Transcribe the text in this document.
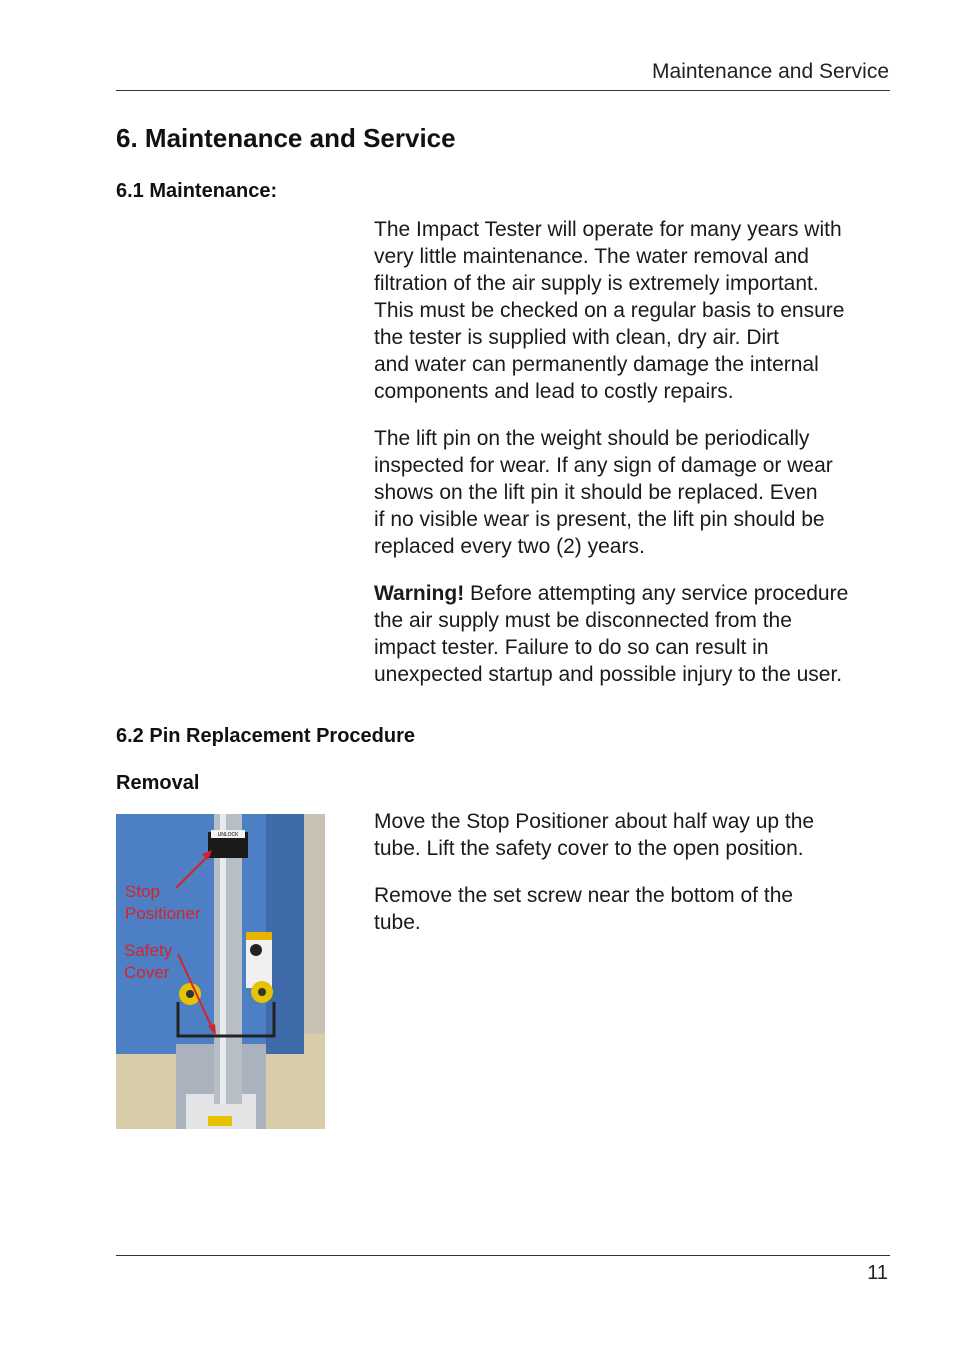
Maintenance and Service
6. Maintenance and Service
6.1 Maintenance:

The Impact Tester will operate for many years with
very little maintenance. The water removal and
filtration of the air supply is extremely important.
This must be checked on a regular basis to ensure
the tester is supplied with clean, dry air. Dirt
and water can permanently damage the internal
components and lead to costly repairs.

The lift pin on the weight should be periodically
inspected for wear. If any sign of damage or wear
shows on the lift pin it should be replaced. Even
if no visible wear is present, the lift pin should be
replaced every two (2) years.

Warning! Before attempting any service procedure
the air supply must be disconnected from the
impact tester. Failure to do so can result in
unexpected startup and possible injury to the user.

6.2 Pin Replacement Procedure
Removal
UNLOCK
Stop
Positioner
Safety
Cover

Move the Stop Positioner about half way up the
tube. Lift the safety cover to the open position.

Remove the set screw near the bottom of the
tube.

11
